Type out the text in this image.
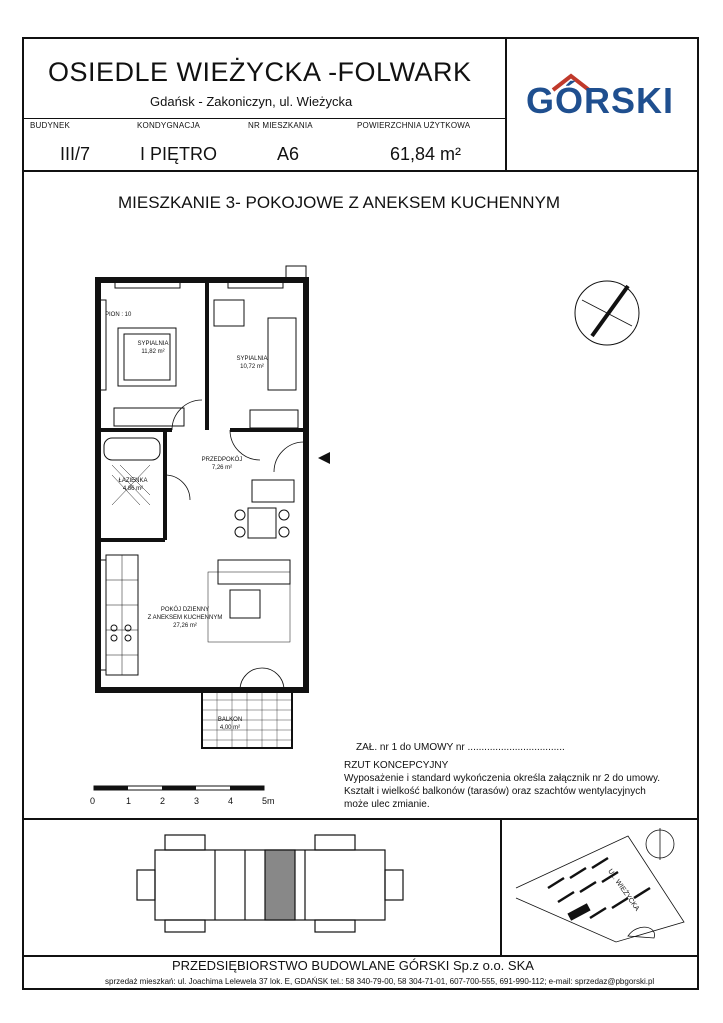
OSIEDLE WIEŻYCKA -FOLWARK
Gdańsk - Zakoniczyn, ul. Wieżycka	GÓRSKI
BUDYNEK
III/7
KONDYGNACJA
I PIĘTRO
NR MIESZKANIA
A6
POWIERZCHNIA UŻYTKOWA
61,84 m²
MIESZKANIE 3- POKOJOWE Z ANEKSEM KUCHENNYM
PION : 10
SYPIALNIA
11,82 m²
SYPIALNIA
10,72 m²
PRZEDPOKÓJ
7,26 m²
ŁAZIENKA
4,86 m²
POKÓJ DZIENNY
Z ANEKSEM KUCHENNYM
27,26 m²
BALKON
4,00 m²
0	1	2	3	4	5m
ZAŁ. nr 1 do UMOWY nr ...................................
RZUT KONCEPCYJNY
Wyposażenie i standard wykończenia określa załącznik nr 2 do umowy.
Kształt i wielkość balkonów (tarasów) oraz szachtów wentylacyjnych
może ulec zmianie.
UL. WIEŻYCKA
PRZEDSIĘBIORSTWO BUDOWLANE GÓRSKI Sp.z o.o. SKA
sprzedaż mieszkań: ul. Joachima Lelewela 37 lok. E, GDAŃSK tel.: 58 340-79-00, 58 304-71-01, 607-700-555, 691-990-112; e-mail: sprzedaz@pbgorski.pl
